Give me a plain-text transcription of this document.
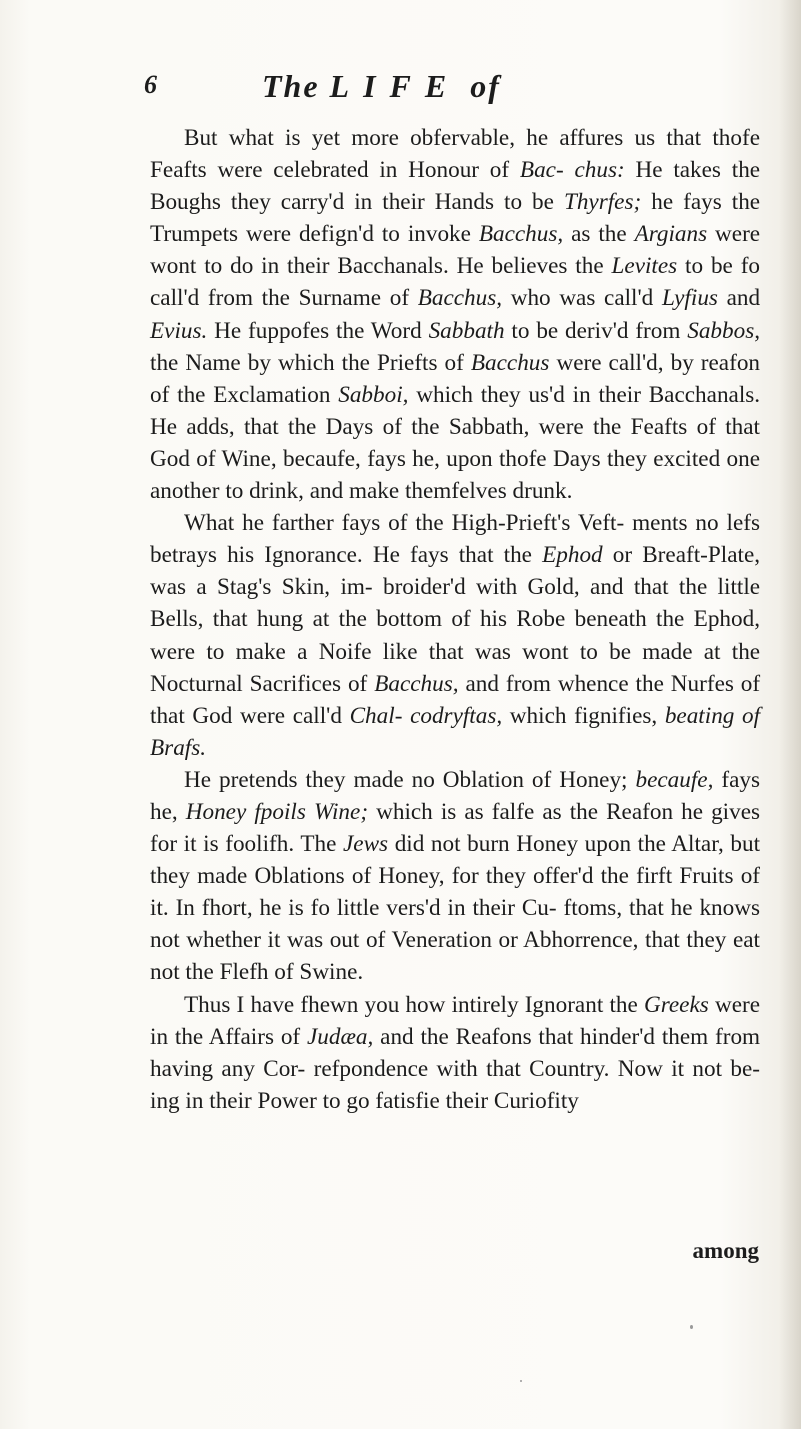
6	The LIFE of

But what is yet more obfervable, he affures us that thofe Feafts were celebrated in Honour of Bac- chus: He takes the Boughs they carry'd in their Hands to be Thyrfes; he fays the Trumpets were defign'd to invoke Bacchus, as the Argians were wont to do in their Bacchanals. He believes the Levites to be fo call'd from the Surname of Bacchus, who was call'd Lyfius and Evius. He fuppofes the Word Sabbath to be deriv'd from Sabbos, the Name by which the Priefts of Bacchus were call'd, by reafon of the Exclamation Sabboi, which they us'd in their Bacchanals. He adds, that the Days of the Sabbath, were the Feafts of that God of Wine, becaufe, fays he, upon thofe Days they excited one another to drink, and make themfelves drunk.

What he farther fays of the High-Prieft's Veft- ments no lefs betrays his Ignorance. He fays that the Ephod or Breaft-Plate, was a Stag's Skin, im- broider'd with Gold, and that the little Bells, that hung at the bottom of his Robe beneath the Ephod, were to make a Noife like that was wont to be made at the Nocturnal Sacrifices of Bacchus, and from whence the Nurfes of that God were call'd Chal- codryftas, which fignifies, beating of Brafs.

He pretends they made no Oblation of Honey; becaufe, fays he, Honey fpoils Wine; which is as falfe as the Reafon he gives for it is foolifh. The Jews did not burn Honey upon the Altar, but they made Oblations of Honey, for they offer'd the firft Fruits of it. In fhort, he is fo little vers'd in their Cu- ftoms, that he knows not whether it was out of Veneration or Abhorrence, that they eat not the Flefh of Swine.

Thus I have fhewn you how intirely Ignorant the Greeks were in the Affairs of Judæa, and the Reafons that hinder'd them from having any Cor- refpondence with that Country. Now it not be- ing in their Power to go fatisfie their Curiofity

among
